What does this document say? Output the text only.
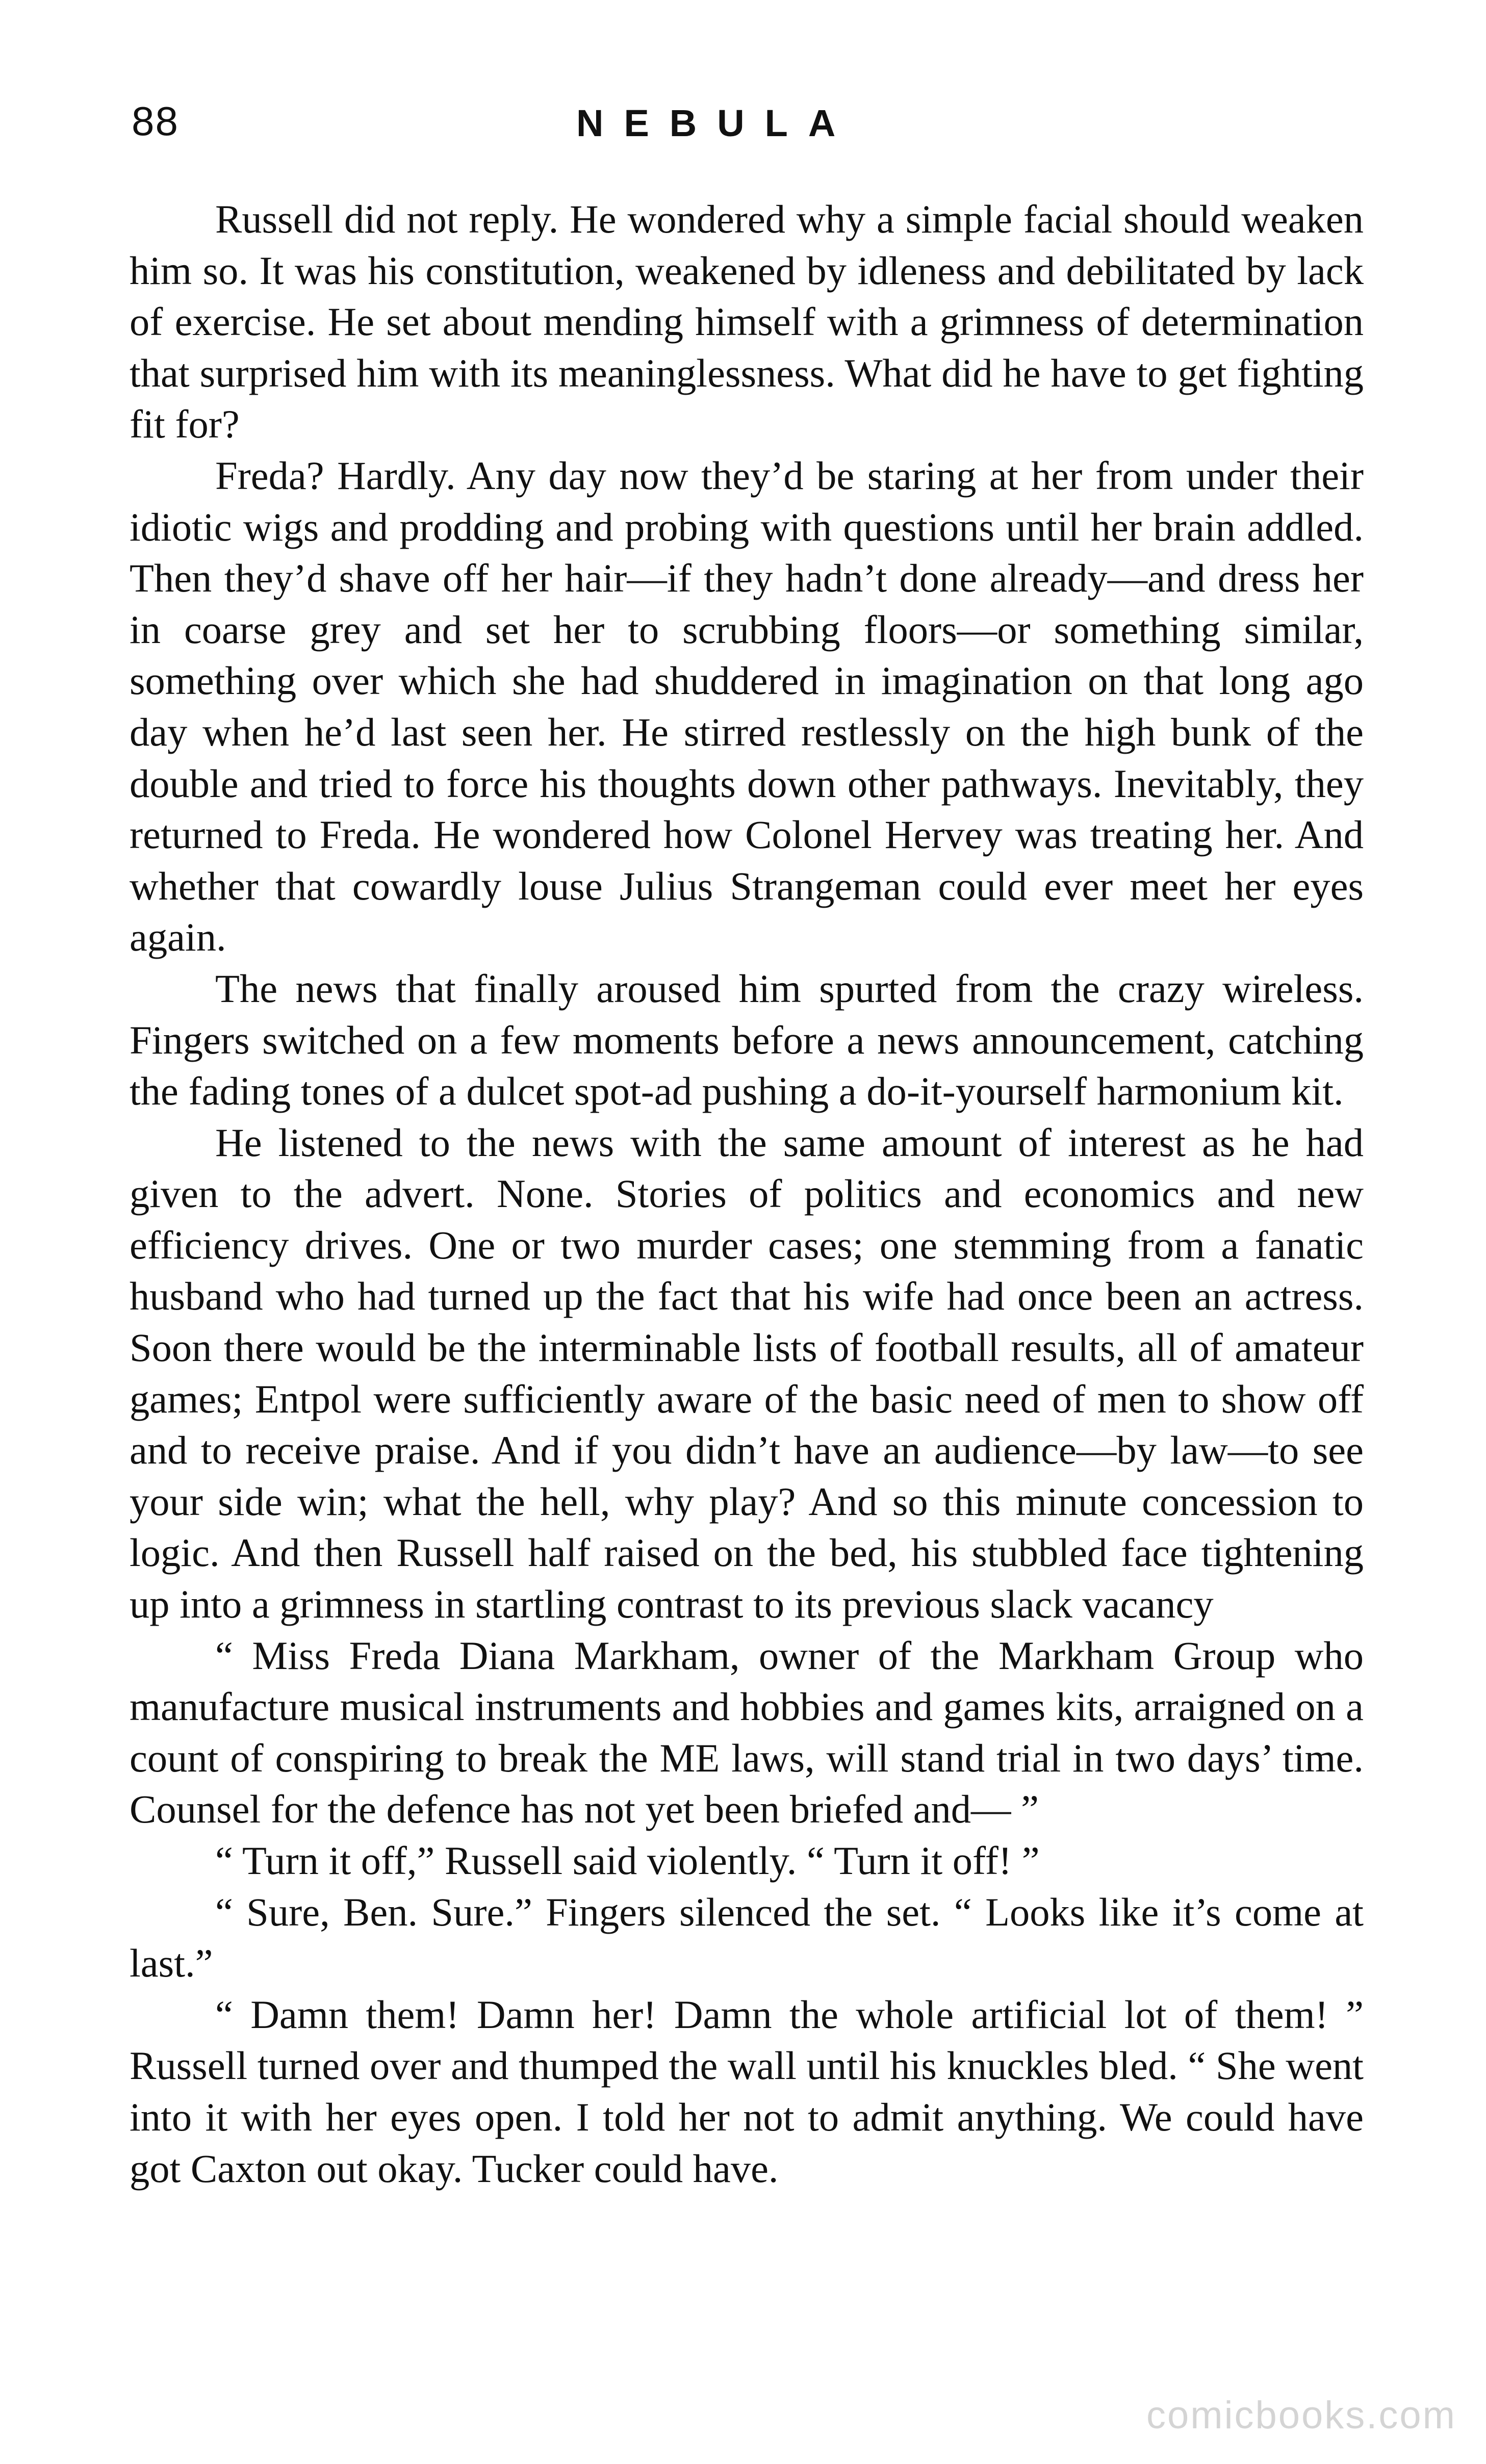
88	NEBULA

Russell did not reply. He wondered why a simple facial should weaken him so. It was his constitution, weakened by idleness and debilitated by lack of exercise. He set about mending himself with a grimness of determination that surprised him with its meaninglessness. What did he have to get fighting fit for?

Freda? Hardly. Any day now they’d be staring at her from under their idiotic wigs and prodding and probing with questions until her brain addled. Then they’d shave off her hair—if they hadn’t done already—and dress her in coarse grey and set her to scrubbing floors—or something similar, something over which she had shuddered in imagination on that long ago day when he’d last seen her. He stirred restlessly on the high bunk of the double and tried to force his thoughts down other pathways. Inevitably, they returned to Freda. He wondered how Colonel Hervey was treating her. And whether that cowardly louse Julius Strangeman could ever meet her eyes again.

The news that finally aroused him spurted from the crazy wireless. Fingers switched on a few moments before a news announcement, catching the fading tones of a dulcet spot-ad pushing a do-it-yourself harmonium kit.

He listened to the news with the same amount of interest as he had given to the advert. None. Stories of politics and economics and new efficiency drives. One or two murder cases; one stemming from a fanatic husband who had turned up the fact that his wife had once been an actress. Soon there would be the interminable lists of football results, all of amateur games; Entpol were sufficiently aware of the basic need of men to show off and to receive praise. And if you didn’t have an audience—by law—to see your side win; what the hell, why play? And so this minute concession to logic. And then Russell half raised on the bed, his stubbled face tightening up into a grimness in startling contrast to its previous slack vacancy

“ Miss Freda Diana Markham, owner of the Markham Group who manufacture musical instruments and hobbies and games kits, arraigned on a count of conspiring to break the ME laws, will stand trial in two days’ time. Counsel for the defence has not yet been briefed and— ”

“ Turn it off,” Russell said violently. “ Turn it off! ”

“ Sure, Ben. Sure.” Fingers silenced the set. “ Looks like it’s come at last.”

“ Damn them! Damn her! Damn the whole artificial lot of them! ” Russell turned over and thumped the wall until his knuckles bled. “ She went into it with her eyes open. I told her not to admit anything. We could have got Caxton out okay. Tucker could have.

comicbooks.com
